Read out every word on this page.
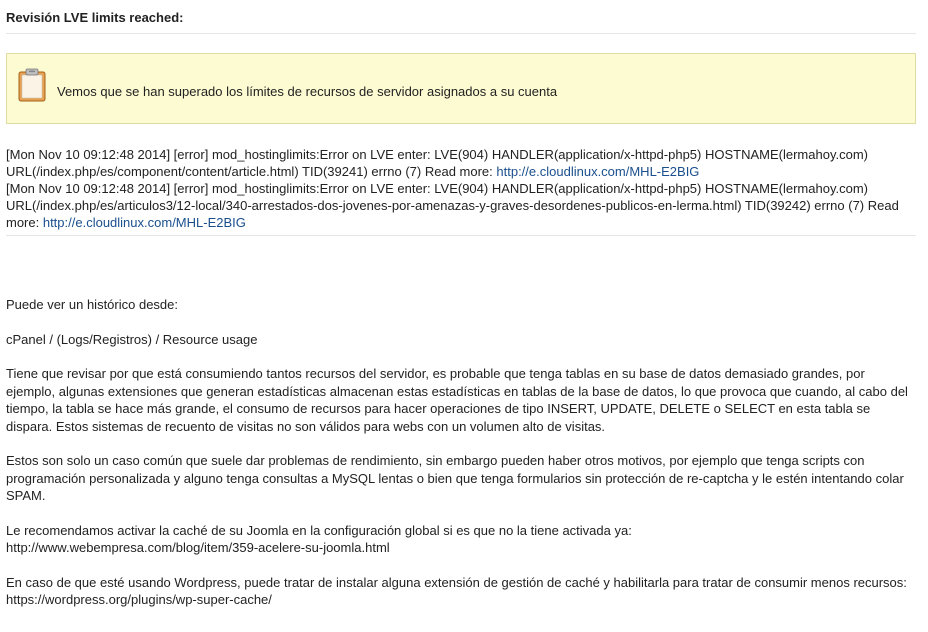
Revisión LVE limits reached:
Vemos que se han superado los límites de recursos de servidor asignados a su cuenta
[Mon Nov 10 09:12:48 2014] [error] mod_hostinglimits:Error on LVE enter: LVE(904) HANDLER(application/x-httpd-php5) HOSTNAME(lermahoy.com)
URL(/index.php/es/component/content/article.html) TID(39241) errno (7) Read more: http://e.cloudlinux.com/MHL-E2BIG
[Mon Nov 10 09:12:48 2014] [error] mod_hostinglimits:Error on LVE enter: LVE(904) HANDLER(application/x-httpd-php5) HOSTNAME(lermahoy.com)
URL(/index.php/es/articulos3/12-local/340-arrestados-dos-jovenes-por-amenazas-y-graves-desordenes-publicos-en-lerma.html) TID(39242) errno (7) Read
more: http://e.cloudlinux.com/MHL-E2BIG

Puede ver un histórico desde:

cPanel / (Logs/Registros) / Resource usage

Tiene que revisar por que está consumiendo tantos recursos del servidor, es probable que tenga tablas en su base de datos demasiado grandes, por ejemplo, algunas extensiones que generan estadísticas almacenan estas estadísticas en tablas de la base de datos, lo que provoca que cuando, al cabo del tiempo, la tabla se hace más grande, el consumo de recursos para hacer operaciones de tipo INSERT, UPDATE, DELETE o SELECT en esta tabla se dispara. Estos sistemas de recuento de visitas no son válidos para webs con un volumen alto de visitas.

Estos son solo un caso común que suele dar problemas de rendimiento, sin embargo pueden haber otros motivos, por ejemplo que tenga scripts con programación personalizada y alguno tenga consultas a MySQL lentas o bien que tenga formularios sin protección de re-captcha y le estén intentando colar SPAM.

Le recomendamos activar la caché de su Joomla en la configuración global si es que no la tiene activada ya:
http://www.webempresa.com/blog/item/359-acelere-su-joomla.html

En caso de que esté usando Wordpress, puede tratar de instalar alguna extensión de gestión de caché y habilitarla para tratar de consumir menos recursos:
https://wordpress.org/plugins/wp-super-cache/
